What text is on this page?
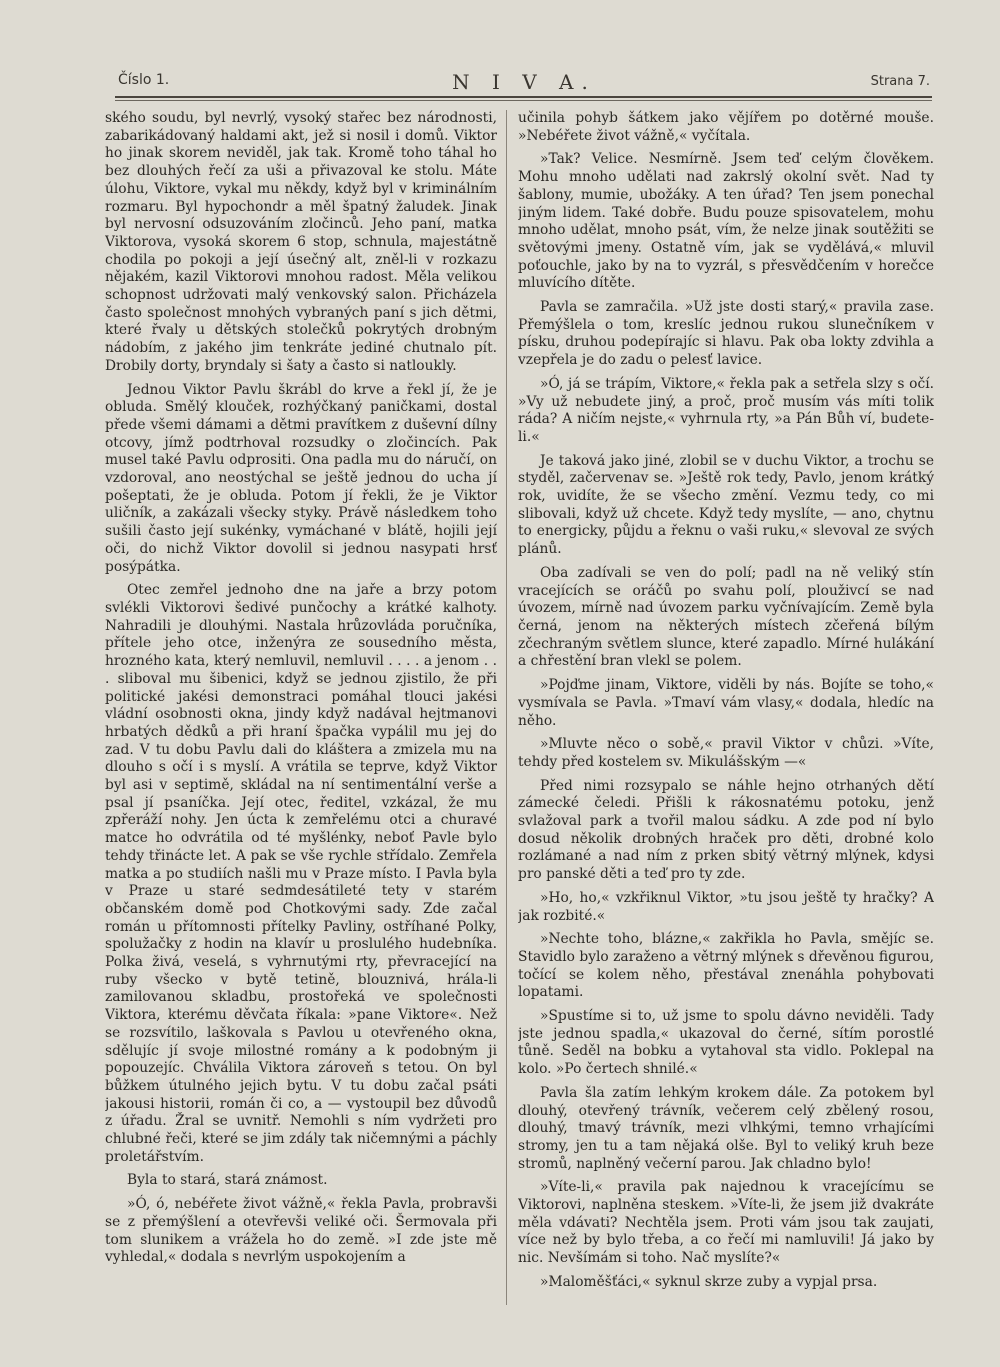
Číslo 1.	N I V A.	Strana 7.

ského soudu, byl nevrlý, vysoký stařec bez národnosti, zabarikádovaný haldami akt, jež si nosil i domů. Viktor ho jinak skorem neviděl, jak tak. Kromě toho táhal ho bez dlouhých řečí za uši a přivazoval ke stolu. Máte úlohu, Viktore, vykal mu někdy, když byl v kriminálním rozmaru. Byl hypochondr a měl špatný žaludek. Jinak byl nervosní odsuzováním zločinců. Jeho paní, matka Viktorova, vysoká skorem 6 stop, schnula, majestátně chodila po pokoji a její úsečný alt, zněl-li v rozkazu nějakém, kazil Viktorovi mnohou radost. Měla velikou schopnost udržovati malý venkovský salon. Přicházela často společnost mnohých vybraných paní s jich dětmi, které řvaly u dětských stolečků pokrytých drobným nádobím, z jakého jim tenkráte jediné chutnalo pít. Drobily dorty, bryndaly si šaty a často si natloukly.

Jednou Viktor Pavlu škrábl do krve a řekl jí, že je obluda. Smělý klouček, rozhýčkaný paničkami, dostal přede všemi dámami a dětmi pravítkem z duševní dílny otcovy, jímž podtrhoval rozsudky o zločincích. Pak musel také Pavlu odprositi. Ona padla mu do náručí, on vzdoroval, ano neostýchal se ještě jednou do ucha jí pošeptati, že je obluda. Potom jí řekli, že je Viktor uličník, a zakázali všecky styky. Právě následkem toho sušili často její sukénky, vymáchané v blátě, hojili její oči, do nichž Viktor dovolil si jednou nasypati hrsť posýpátka.

Otec zemřel jednoho dne na jaře a brzy potom svlékli Viktorovi šedivé punčochy a krátké kalhoty. Nahradili je dlouhými. Nastala hrůzovláda poručníka, přítele jeho otce, inženýra ze sousedního města, hrozného kata, který nemluvil, nemluvil . . . . a jenom . . . sliboval mu šibenici, když se jednou zjistilo, že při politické jakési demonstraci pomáhal tlouci jakési vládní osobnosti okna, jindy když nadával hejtmanovi hrbatých dědků a při hraní špačka vypálil mu jej do zad. V tu dobu Pavlu dali do kláštera a zmizela mu na dlouho s očí i s myslí. A vrátila se teprve, když Viktor byl asi v septimě, skládal na ní sentimentální verše a psal jí psaníčka. Její otec, ředitel, vzkázal, že mu zpřeráží nohy. Jen úcta k zemřelému otci a churavé matce ho odvrátila od té myšlénky, neboť Pavle bylo tehdy třinácte let. A pak se vše rychle střídalo. Zemřela matka a po studiích našli mu v Praze místo. I Pavla byla v Praze u staré sedmdesátileté tety v starém občanském domě pod Chotkovými sady. Zde začal román u přítomnosti přítelky Pavliny, ostříhané Polky, spolužačky z hodin na klavír u proslulého hudebníka. Polka živá, veselá, s vyhrnutými rty, převracející na ruby všecko v bytě tetině, blouznivá, hrála-li zamilovanou skladbu, prostořeká ve společnosti Viktora, kterému děvčata říkala: »pane Viktore«. Než se rozsvítilo, laškovala s Pavlou u otevřeného okna, sdělujíc jí svoje milostné romány a k podobným ji popouzejíc. Chválila Viktora zároveň s tetou. On byl bůžkem útulného jejich bytu. V tu dobu začal psáti jakousi historii, román či co, a — vystoupil bez důvodů z úřadu. Žral se uvnitř. Nemohli s ním vydržeti pro chlubné řeči, které se jim zdály tak ničemnými a páchly proletářstvím.

Byla to stará, stará známost.

»Ó, ó, nebéřete život vážně,« řekla Pavla, probravši se z přemýšlení a otevřevši veliké oči. Šermovala při tom slunikem a vrážela ho do země. »I zde jste mě vyhledal,« dodala s nevrlým uspokojením a

učinila pohyb šátkem jako vějířem po dotěrné mouše. »Nebéřete život vážně,« vyčítala.

»Tak? Velice. Nesmírně. Jsem teď celým člověkem. Mohu mnoho udělati nad zakrslý okolní svět. Nad ty šablony, mumie, ubožáky. A ten úřad? Ten jsem ponechal jiným lidem. Také dobře. Budu pouze spisovatelem, mohu mnoho udělat, mnoho psát, vím, že nelze jinak soutěžiti se světovými jmeny. Ostatně vím, jak se vydělává,« mluvil poťouchle, jako by na to vyzrál, s přesvědčením v horečce mluvícího dítěte.

Pavla se zamračila. »Už jste dosti starý,« pravila zase. Přemýšlela o tom, kreslíc jednou rukou slunečníkem v písku, druhou podepírajíc si hlavu. Pak oba lokty zdvihla a vzepřela je do zadu o pelesť lavice.

»Ó, já se trápím, Viktore,« řekla pak a setřela slzy s očí. »Vy už nebudete jiný, a proč, proč musím vás míti tolik ráda? A ničím nejste,« vyhrnula rty, »a Pán Bůh ví, budete-li.«

Je taková jako jiné, zlobil se v duchu Viktor, a trochu se styděl, začervenav se. »Ještě rok tedy, Pavlo, jenom krátký rok, uvidíte, že se všecho změní. Vezmu tedy, co mi slibovali, když už chcete. Když tedy myslíte, — ano, chytnu to energicky, půjdu a řeknu o vaši ruku,« slevoval ze svých plánů.

Oba zadívali se ven do polí; padl na ně veliký stín vracejících se oráčů po svahu polí, plouživcí se nad úvozem, mírně nad úvozem parku vyčnívajícím. Země byla černá, jenom na některých místech zčeřená bílým zčechraným světlem slunce, které zapadlo. Mírné hulákání a chřestění bran vlekl se polem.

»Pojďme jinam, Viktore, viděli by nás. Bojíte se toho,« vysmívala se Pavla. »Tmaví vám vlasy,« dodala, hledíc na něho.

»Mluvte něco o sobě,« pravil Viktor v chůzi. »Víte, tehdy před kostelem sv. Mikulášským —«

Před nimi rozsypalo se náhle hejno otrhaných dětí zámecké čeledi. Přišli k rákosnatému potoku, jenž svlažoval park a tvořil malou sádku. A zde pod ní bylo dosud několik drobných hraček pro děti, drobné kolo rozlámané a nad ním z prken sbitý větrný mlýnek, kdysi pro panské děti a teď pro ty zde.

»Ho, ho,« vzkřiknul Viktor, »tu jsou ještě ty hračky? A jak rozbité.«

»Nechte toho, blázne,« zakřikla ho Pavla, smějíc se. Stavidlo bylo zaraženo a větrný mlýnek s dřevěnou figurou, točící se kolem něho, přestával znenáhla pohybovati lopatami.

»Spustíme si to, už jsme to spolu dávno neviděli. Tady jste jednou spadla,« ukazoval do černé, sítím porostlé tůně. Seděl na bobku a vytahoval sta vidlo. Poklepal na kolo. »Po čertech shnilé.«

Pavla šla zatím lehkým krokem dále. Za potokem byl dlouhý, otevřený trávník, večerem celý zbělený rosou, dlouhý, tmavý trávník, mezi vlhkými, temno vrhajícími stromy, jen tu a tam nějaká olše. Byl to veliký kruh beze stromů, naplněný večerní parou. Jak chladno bylo!

»Víte-li,« pravila pak najednou k vracejícímu se Viktorovi, naplněna steskem. »Víte-li, že jsem již dvakráte měla vdávati? Nechtěla jsem. Proti vám jsou tak zaujati, více než by bylo třeba, a co řečí mi namluvili! Já jako by nic. Nevšímám si toho. Nač myslíte?«

»Maloměšťáci,« syknul skrze zuby a vypjal prsa.
